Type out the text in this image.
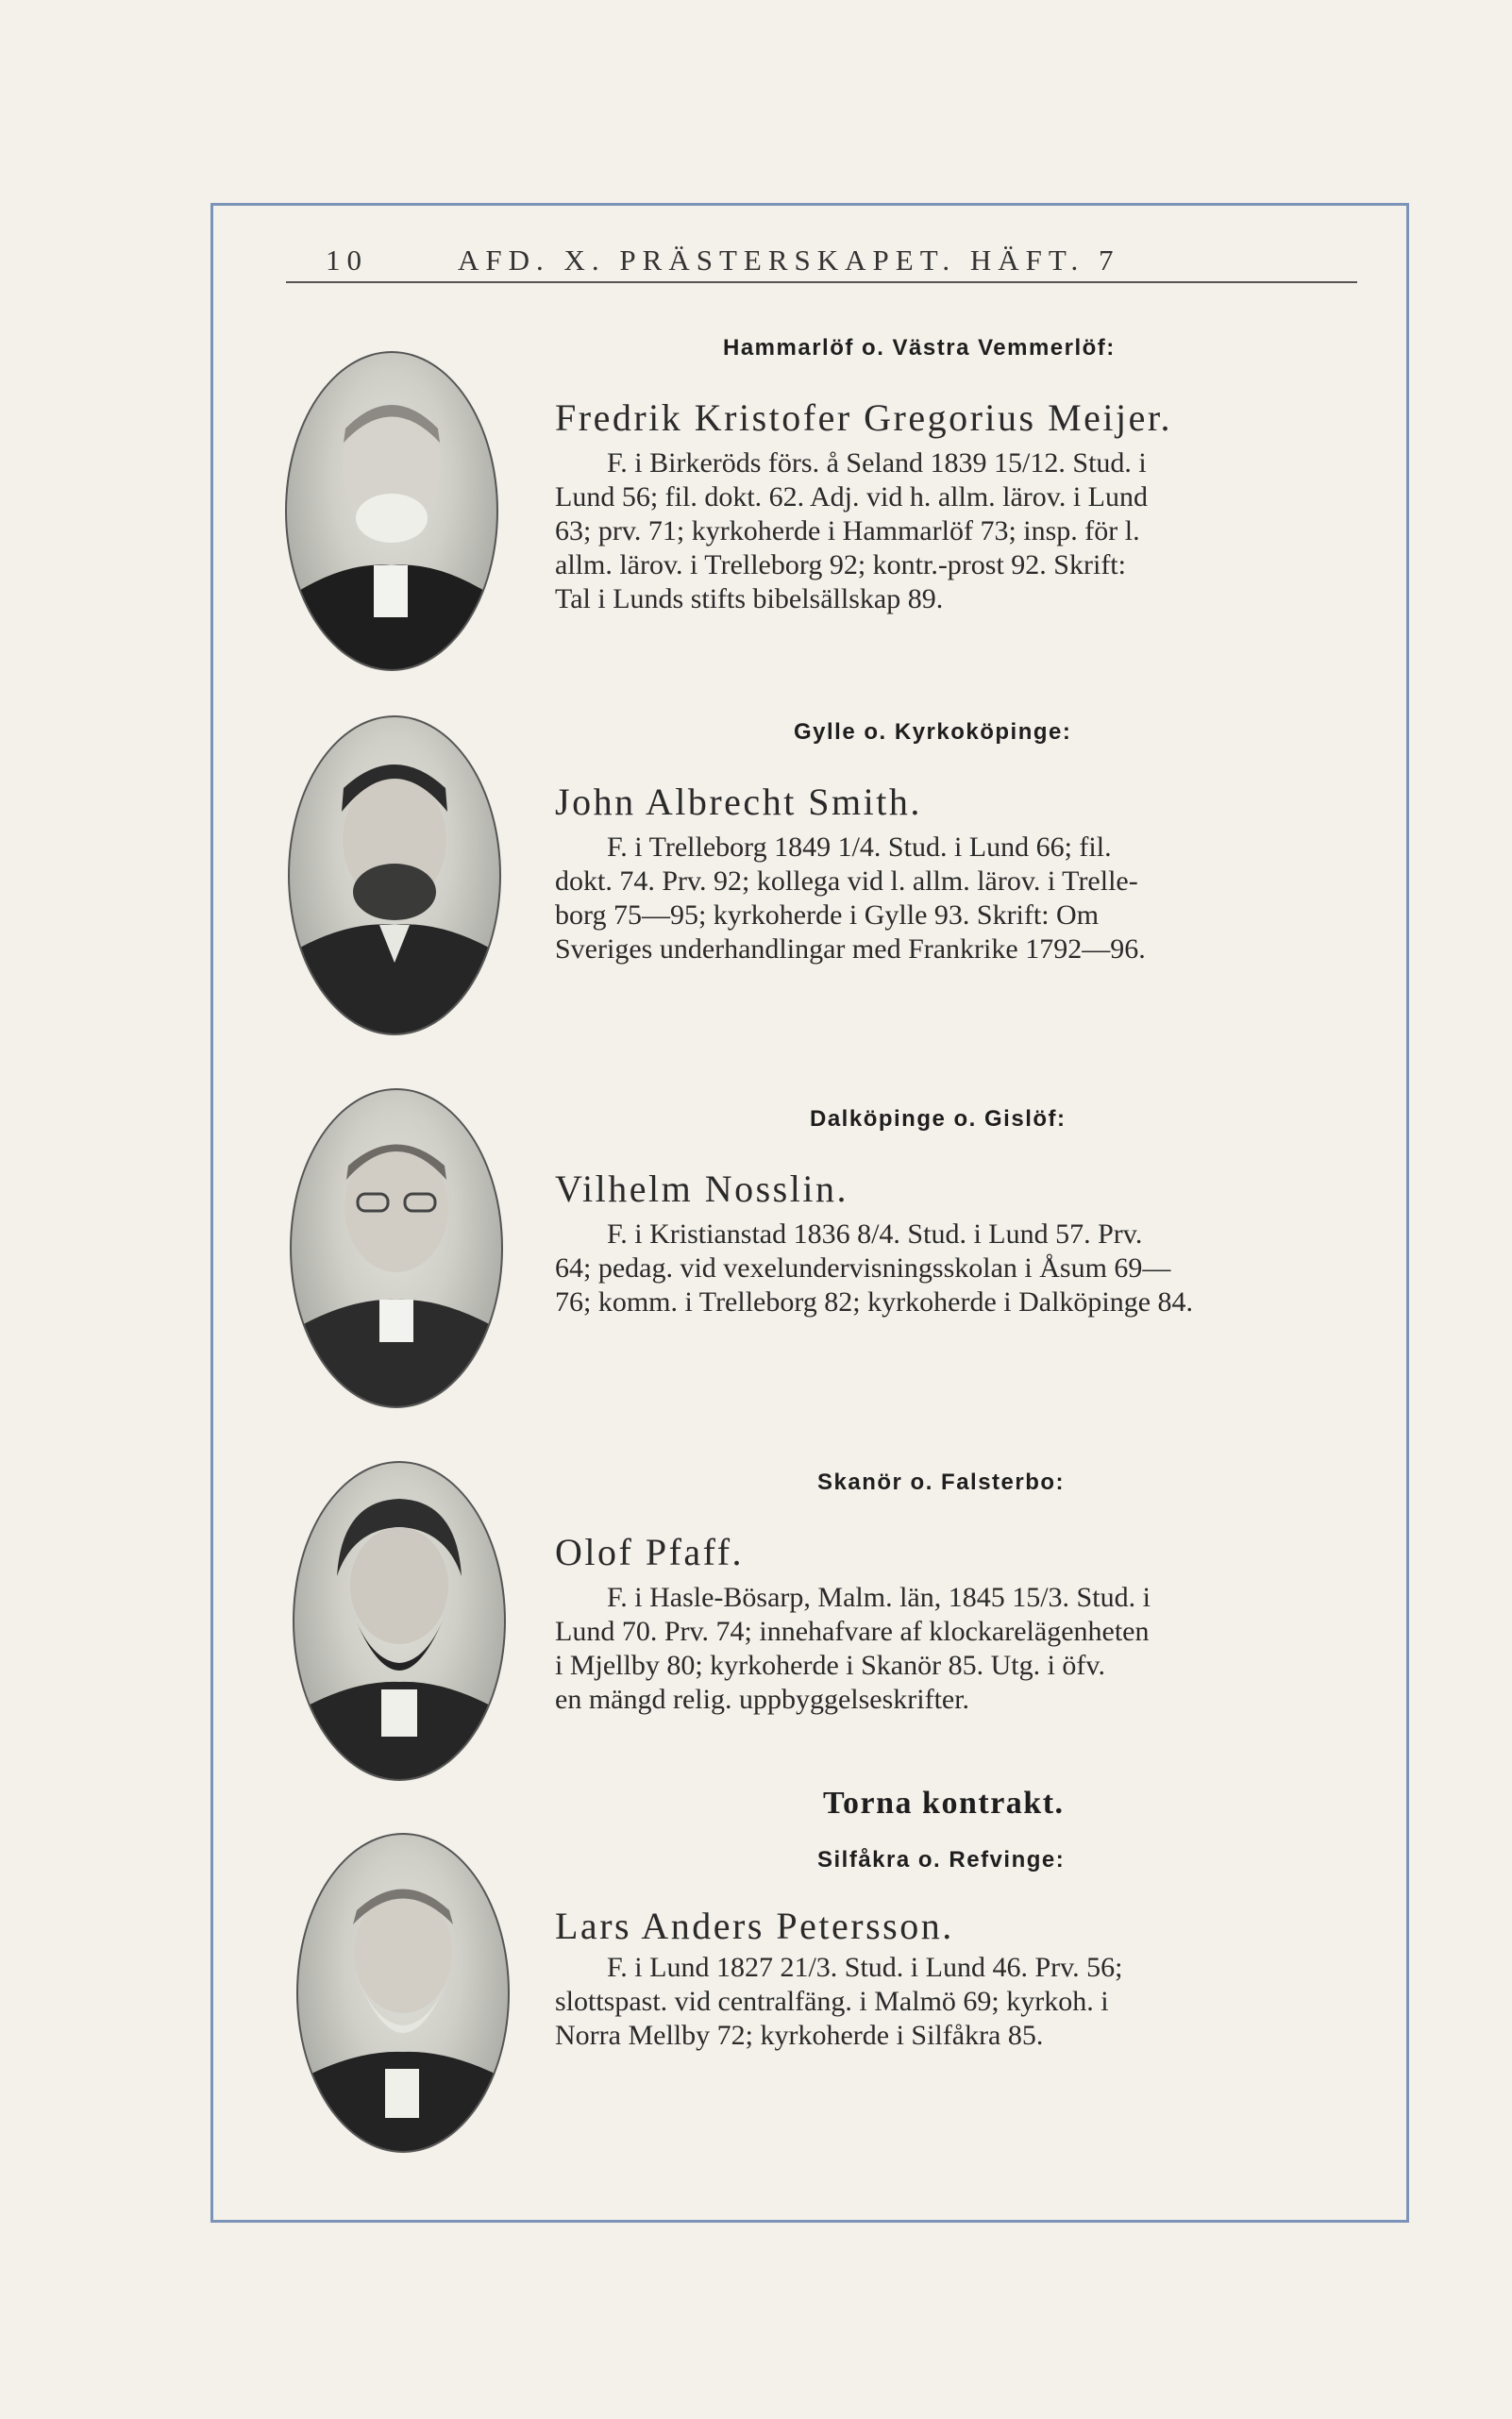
10	AFD. X. PRÄSTERSKAPET. HÄFT. 7
Hammarlöf o. Västra Vemmerlöf:
Fredrik Kristofer Gregorius Meijer.
F. i Birkeröds förs. å Seland 1839 15/12. Stud. i
Lund 56; fil. dokt. 62. Adj. vid h. allm. lärov. i Lund
63; prv. 71; kyrkoherde i Hammarlöf 73; insp. för l.
allm. lärov. i Trelleborg 92; kontr.-prost 92. Skrift:
Tal i Lunds stifts bibelsällskap 89.
Gylle o. Kyrkoköpinge:
John Albrecht Smith.
F. i Trelleborg 1849 1/4. Stud. i Lund 66; fil.
dokt. 74. Prv. 92; kollega vid l. allm. lärov. i Trelle-
borg 75—95; kyrkoherde i Gylle 93. Skrift: Om
Sveriges underhandlingar med Frankrike 1792—96.
Dalköpinge o. Gislöf:
Vilhelm Nosslin.
F. i Kristianstad 1836 8/4. Stud. i Lund 57. Prv.
64; pedag. vid vexelundervisningsskolan i Åsum 69—
76; komm. i Trelleborg 82; kyrkoherde i Dalköpinge 84.
Skanör o. Falsterbo:
Olof Pfaff.
F. i Hasle-Bösarp, Malm. län, 1845 15/3. Stud. i
Lund 70. Prv. 74; innehafvare af klockarelägenheten
i Mjellby 80; kyrkoherde i Skanör 85. Utg. i öfv.
en mängd relig. uppbyggelseskrifter.
Torna kontrakt.
Silfåkra o. Refvinge:
Lars Anders Petersson.
F. i Lund 1827 21/3. Stud. i Lund 46. Prv. 56;
slottspast. vid centralfäng. i Malmö 69; kyrkoh. i
Norra Mellby 72; kyrkoherde i Silfåkra 85.
